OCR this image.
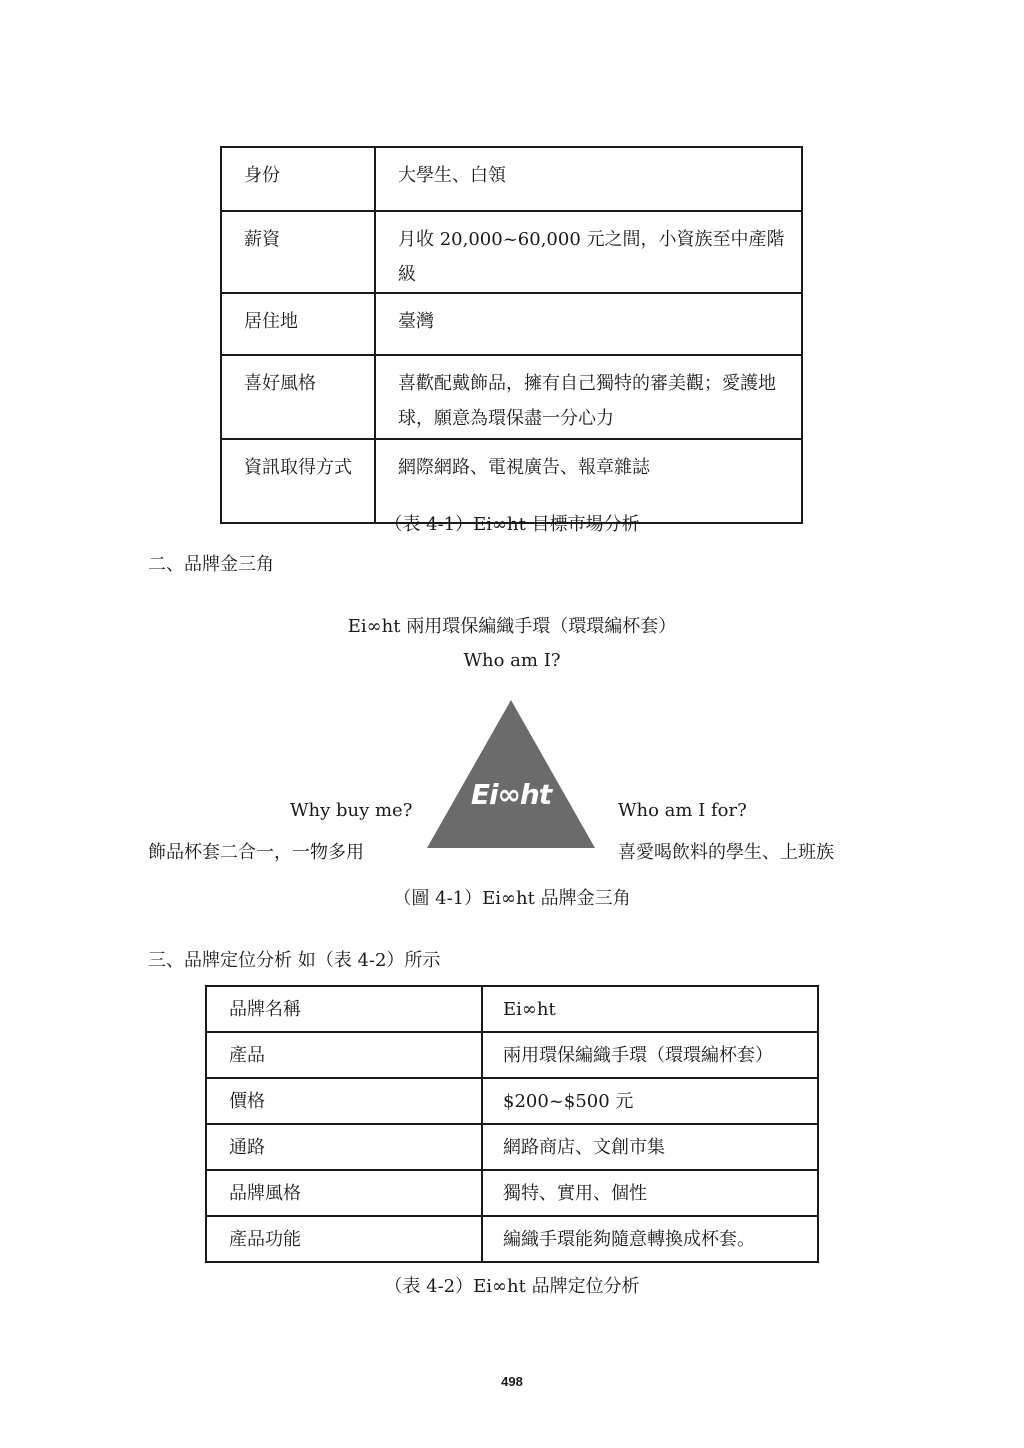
身份	大學生、白領
薪資	月收 20,000~60,000 元之間，小資族至中產階級
居住地	臺灣
喜好風格	喜歡配戴飾品，擁有自己獨特的審美觀；愛護地球，願意為環保盡一分心力
資訊取得方式	網際網路、電視廣告、報章雜誌
（表 4-1）Ei∞ht 目標市場分析
二、品牌金三角
Ei∞ht 兩用環保編織手環（環環編杯套）
Who am I?
Ei∞ht
Why buy me?
飾品杯套二合一，一物多用
Who am I for?
喜愛喝飲料的學生、上班族
（圖 4-1）Ei∞ht 品牌金三角
三、品牌定位分析 如（表 4-2）所示
品牌名稱	Ei∞ht
產品	兩用環保編織手環（環環編杯套）
價格	$200~$500 元
通路	網路商店、文創市集
品牌風格	獨特、實用、個性
產品功能	編織手環能夠隨意轉換成杯套。
（表 4-2）Ei∞ht 品牌定位分析
498
